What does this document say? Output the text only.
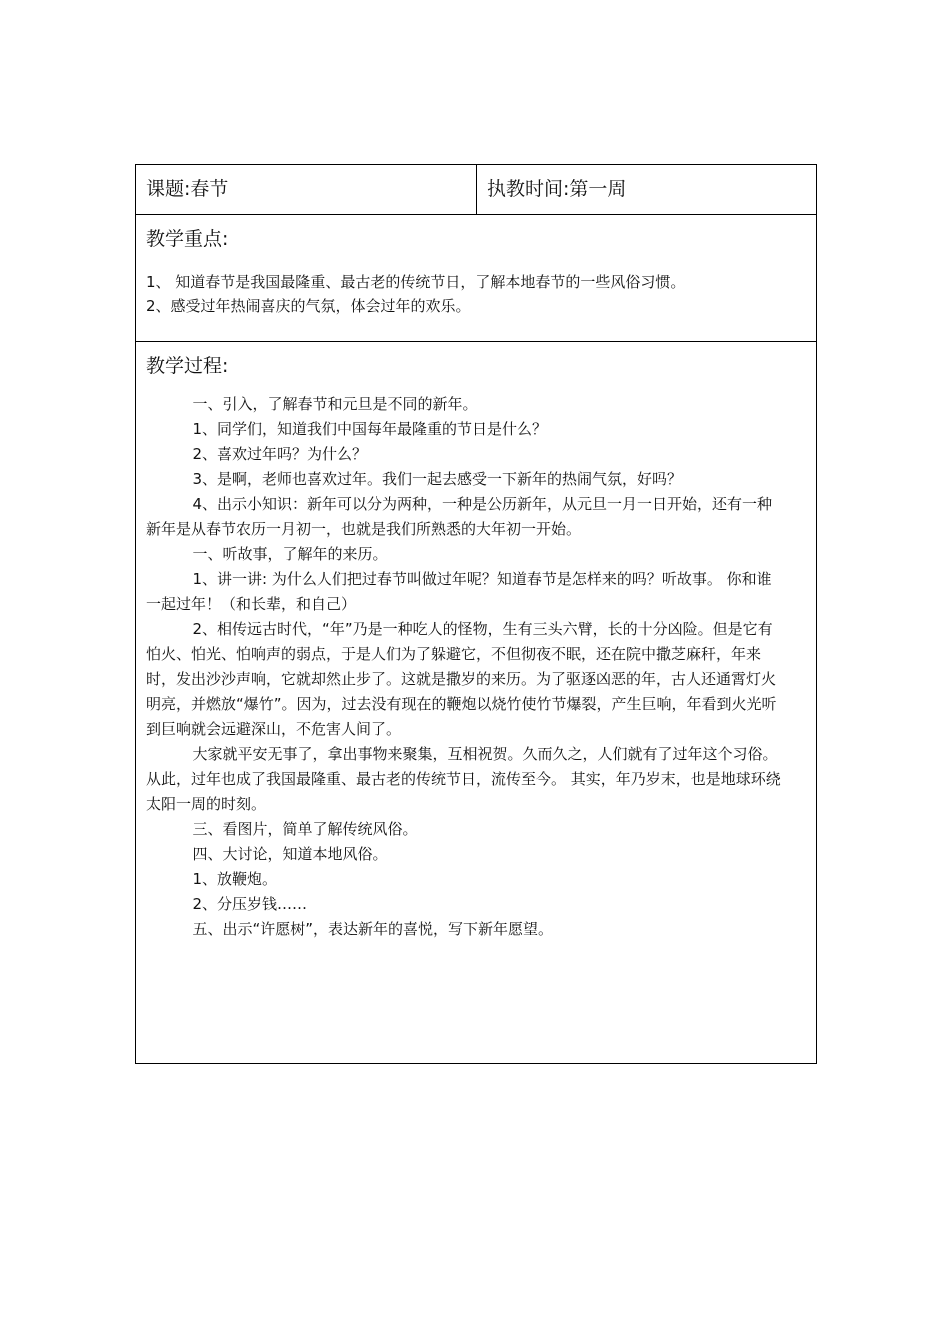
课题:春节	执教时间:第一周

教学重点:

1、 知道春节是我国最隆重、最古老的传统节日，了解本地春节的一些风俗习惯。

2、感受过年热闹喜庆的气氛，体会过年的欢乐。

教学过程:

一、引入，了解春节和元旦是不同的新年。

1、同学们，知道我们中国每年最隆重的节日是什么？

2、喜欢过年吗？为什么？

3、是啊，老师也喜欢过年。我们一起去感受一下新年的热闹气氛，好吗？

4、出示小知识：新年可以分为两种，一种是公历新年，从元旦一月一日开始，还有一种新年是从春节农历一月初一，也就是我们所熟悉的大年初一开始。

一、听故事，了解年的来历。

1、讲一讲: 为什么人们把过春节叫做过年呢？知道春节是怎样来的吗？听故事。 你和谁一起过年！（和长辈，和自己）

2、相传远古时代，“年”乃是一种吃人的怪物，生有三头六臂，长的十分凶险。但是它有怕火、怕光、怕响声的弱点，于是人们为了躲避它，不但彻夜不眠，还在院中撒芝麻秆，年来时，发出沙沙声响，它就却然止步了。这就是撒岁的来历。为了驱逐凶恶的年，古人还通霄灯火明亮，并燃放“爆竹”。因为，过去没有现在的鞭炮以烧竹使竹节爆裂，产生巨响，年看到火光听到巨响就会远避深山，不危害人间了。

大家就平安无事了，拿出事物来聚集，互相祝贺。久而久之，人们就有了过年这个习俗。从此，过年也成了我国最隆重、最古老的传统节日，流传至今。 其实，年乃岁末，也是地球环绕太阳一周的时刻。

三、看图片，简单了解传统风俗。

四、大讨论，知道本地风俗。

1、放鞭炮。

2、分压岁钱……

五、出示“许愿树”，表达新年的喜悦，写下新年愿望。
